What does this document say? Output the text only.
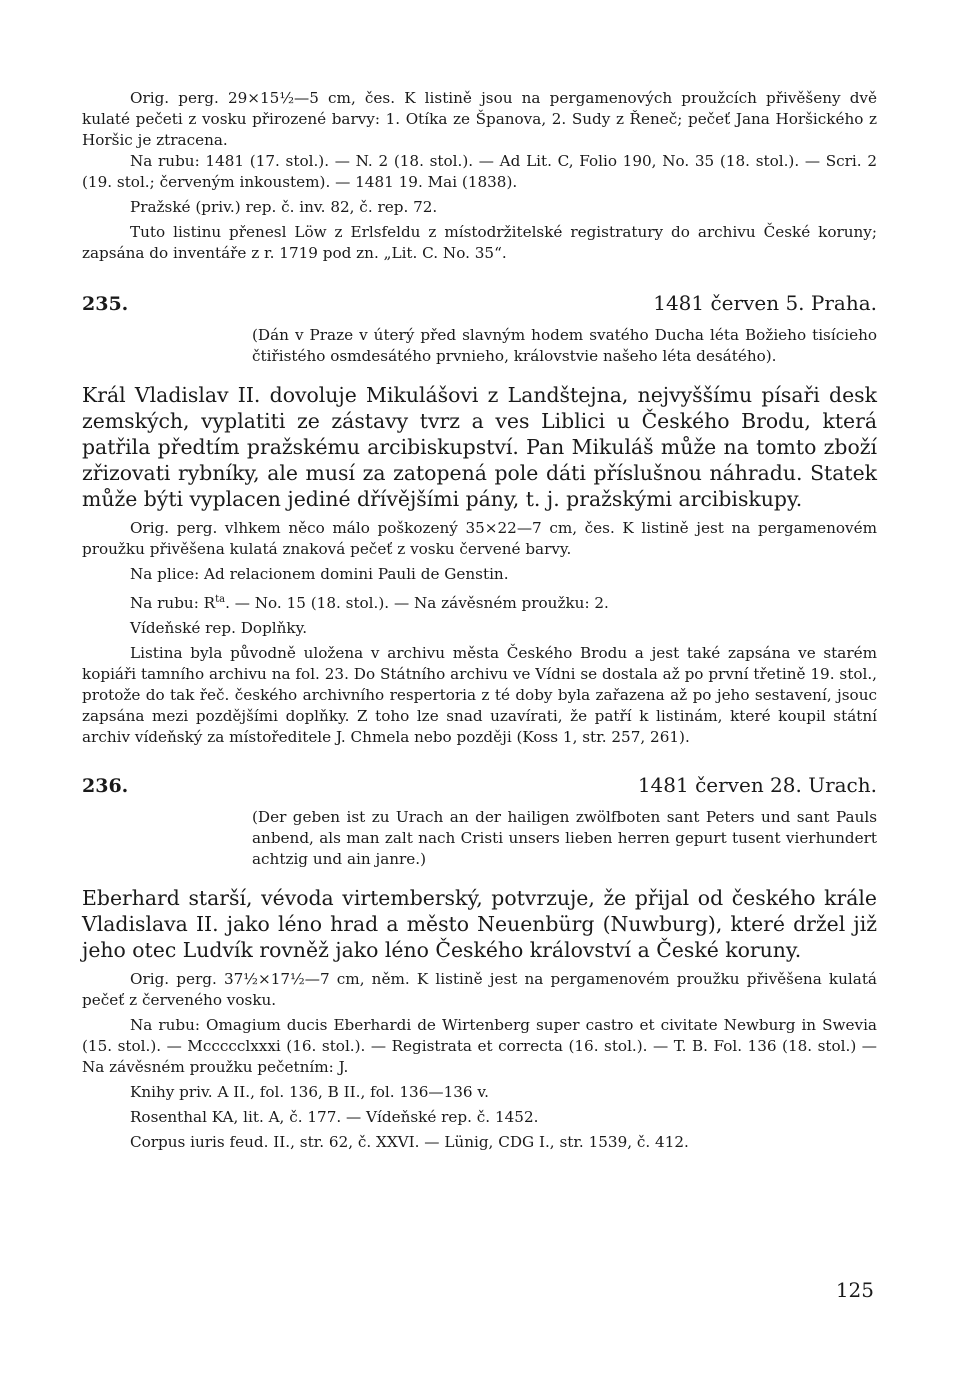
Orig. perg. 29×15½—5 cm, čes. K listině jsou na pergamenových proužcích přivěšeny dvě kulaté pečeti z vosku přirozené barvy: 1. Otíka ze Španova, 2. Sudy z Řeneč; pečeť Jana Horšického z Horšic je ztracena.

Na rubu: 1481 (17. stol.). — N. 2 (18. stol.). — Ad Lit. C, Folio 190, No. 35 (18. stol.). — Scri. 2 (19. stol.; červeným inkoustem). — 1481 19. Mai (1838).

Pražské (priv.) rep. č. inv. 82, č. rep. 72.

Tuto listinu přenesl Löw z Erlsfeldu z místodržitelské registratury do archivu České koruny; zapsána do inventáře z r. 1719 pod zn. „Lit. C. No. 35“.

235.	1481 červen 5. Praha.

(Dán v Praze v úterý před slavným hodem svatého Ducha léta Božieho tisícieho čtiřistého osmdesátého prvnieho, královstvie našeho léta desátého).

Král Vladislav II. dovoluje Mikulášovi z Landštejna, nejvyššímu písaři desk zemských, vyplatiti ze zástavy tvrz a ves Liblici u Českého Brodu, která patřila předtím pražskému arcibiskupství. Pan Mikuláš může na tomto zboží zřizovati rybníky, ale musí za zatopená pole dáti příslušnou náhradu. Statek může býti vyplacen jediné dřívějšími pány, t. j. pražskými arcibiskupy.

Orig. perg. vlhkem něco málo poškozený 35×22—7 cm, čes. K listině jest na pergamenovém proužku přivěšena kulatá znaková pečeť z vosku červené barvy.

Na plice: Ad relacionem domini Pauli de Genstin.

Na rubu: $R^{ta}$. — No. 15 (18. stol.). — Na závěsném proužku: 2.

Vídeňské rep. Doplňky.

Listina byla původně uložena v archivu města Českého Brodu a jest také zapsána ve starém kopiáři tamního archivu na fol. 23. Do Státního archivu ve Vídni se dostala až po první třetině 19. stol., protože do tak řeč. českého archivního respertoria z té doby byla zařazena až po jeho sestavení, jsouc zapsána mezi pozdějšími doplňky. Z toho lze snad uzavírati, že patří k listinám, které koupil státní archiv vídeňský za místoředitele J. Chmela nebo později (Koss 1, str. 257, 261).

236.	1481 červen 28. Urach.

(Der geben ist zu Urach an der hailigen zwölfboten sant Peters und sant Pauls anbend, als man zalt nach Cristi unsers lieben herren gepurt tusent vierhundert achtzig und ain janre.)

Eberhard starší, vévoda virtemberský, potvrzuje, že přijal od českého krále Vladislava II. jako léno hrad a město Neuenbürg (Nuwburg), které držel již jeho otec Ludvík rovněž jako léno Českého království a České koruny.

Orig. perg. 37½×17½—7 cm, něm. K listině jest na pergamenovém proužku přivěšena kulatá pečeť z červeného vosku.

Na rubu: Omagium ducis Eberhardi de Wirtenberg super castro et civitate Newburg in Swevia (15. stol.). — Mccccclxxxi (16. stol.). — Registrata et correcta (16. stol.). — T. B. Fol. 136 (18. stol.) — Na závěsném proužku pečetním: J.

Knihy priv. A II., fol. 136, B II., fol. 136—136 v.

Rosenthal KA, lit. A, č. 177. — Vídeňské rep. č. 1452.

Corpus iuris feud. II., str. 62, č. XXVI. — Lünig, CDG I., str. 1539, č. 412.

125
